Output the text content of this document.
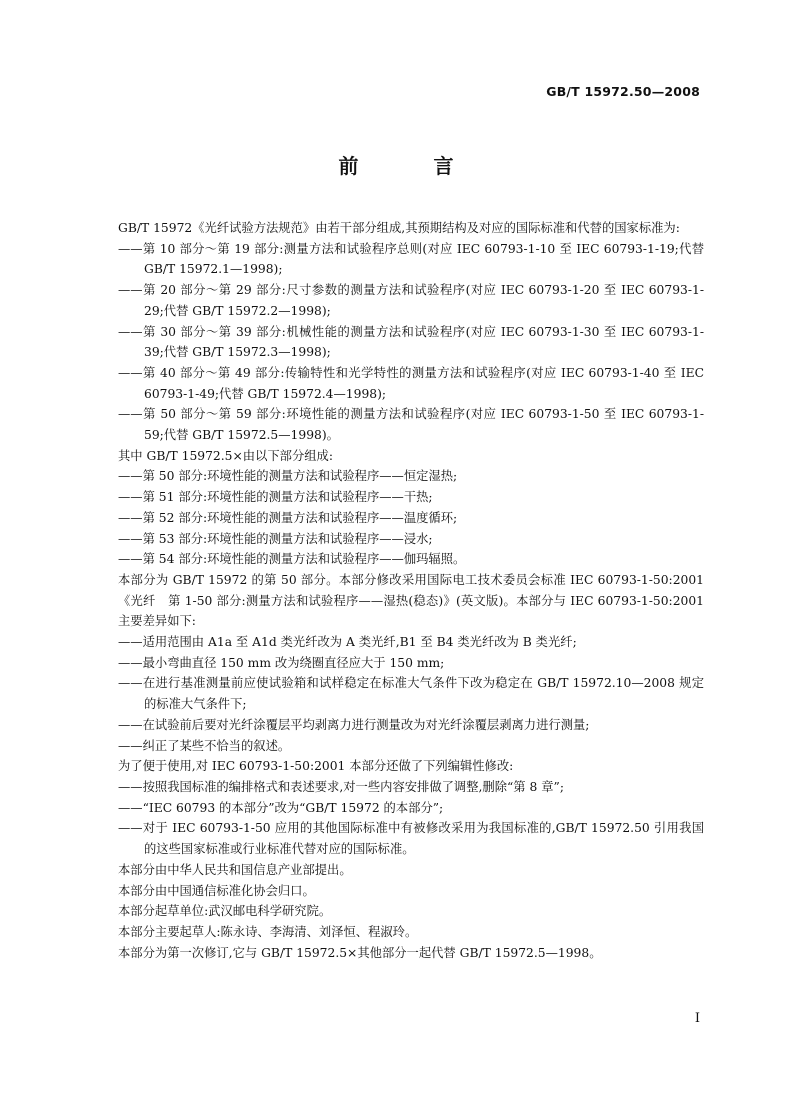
GB/T 15972.50—2008
前 言
GB/T 15972《光纤试验方法规范》由若干部分组成,其预期结构及对应的国际标准和代替的国家标准为:
——第 10 部分～第 19 部分:测量方法和试验程序总则(对应 IEC 60793-1-10 至 IEC 60793-1-19;代替 GB/T 15972.1—1998);
——第 20 部分～第 29 部分:尺寸参数的测量方法和试验程序(对应 IEC 60793-1-20 至 IEC 60793-1-29;代替 GB/T 15972.2—1998);
——第 30 部分～第 39 部分:机械性能的测量方法和试验程序(对应 IEC 60793-1-30 至 IEC 60793-1-39;代替 GB/T 15972.3—1998);
——第 40 部分～第 49 部分:传输特性和光学特性的测量方法和试验程序(对应 IEC 60793-1-40 至 IEC 60793-1-49;代替 GB/T 15972.4—1998);
——第 50 部分～第 59 部分:环境性能的测量方法和试验程序(对应 IEC 60793-1-50 至 IEC 60793-1-59;代替 GB/T 15972.5—1998)。
其中 GB/T 15972.5×由以下部分组成:
——第 50 部分:环境性能的测量方法和试验程序——恒定湿热;
——第 51 部分:环境性能的测量方法和试验程序——干热;
——第 52 部分:环境性能的测量方法和试验程序——温度循环;
——第 53 部分:环境性能的测量方法和试验程序——浸水;
——第 54 部分:环境性能的测量方法和试验程序——伽玛辐照。
本部分为 GB/T 15972 的第 50 部分。本部分修改采用国际电工技术委员会标准 IEC 60793-1-50:2001《光纤　第 1-50 部分:测量方法和试验程序——湿热(稳态)》(英文版)。本部分与 IEC 60793-1-50:2001 主要差异如下:
——适用范围由 A1a 至 A1d 类光纤改为 A 类光纤,B1 至 B4 类光纤改为 B 类光纤;
——最小弯曲直径 150 mm 改为绕圈直径应大于 150 mm;
——在进行基准测量前应使试验箱和试样稳定在标准大气条件下改为稳定在 GB/T 15972.10—2008 规定的标准大气条件下;
——在试验前后要对光纤涂覆层平均剥离力进行测量改为对光纤涂覆层剥离力进行测量;
——纠正了某些不恰当的叙述。
为了便于使用,对 IEC 60793-1-50:2001 本部分还做了下列编辑性修改:
——按照我国标准的编排格式和表述要求,对一些内容安排做了调整,删除“第 8 章”;
——“IEC 60793 的本部分”改为“GB/T 15972 的本部分”;
——对于 IEC 60793-1-50 应用的其他国际标准中有被修改采用为我国标准的,GB/T 15972.50 引用我国的这些国家标准或行业标准代替对应的国际标准。
本部分由中华人民共和国信息产业部提出。
本部分由中国通信标准化协会归口。
本部分起草单位:武汉邮电科学研究院。
本部分主要起草人:陈永诗、李海清、刘泽恒、程淑玲。
本部分为第一次修订,它与 GB/T 15972.5×其他部分一起代替 GB/T 15972.5—1998。
I
